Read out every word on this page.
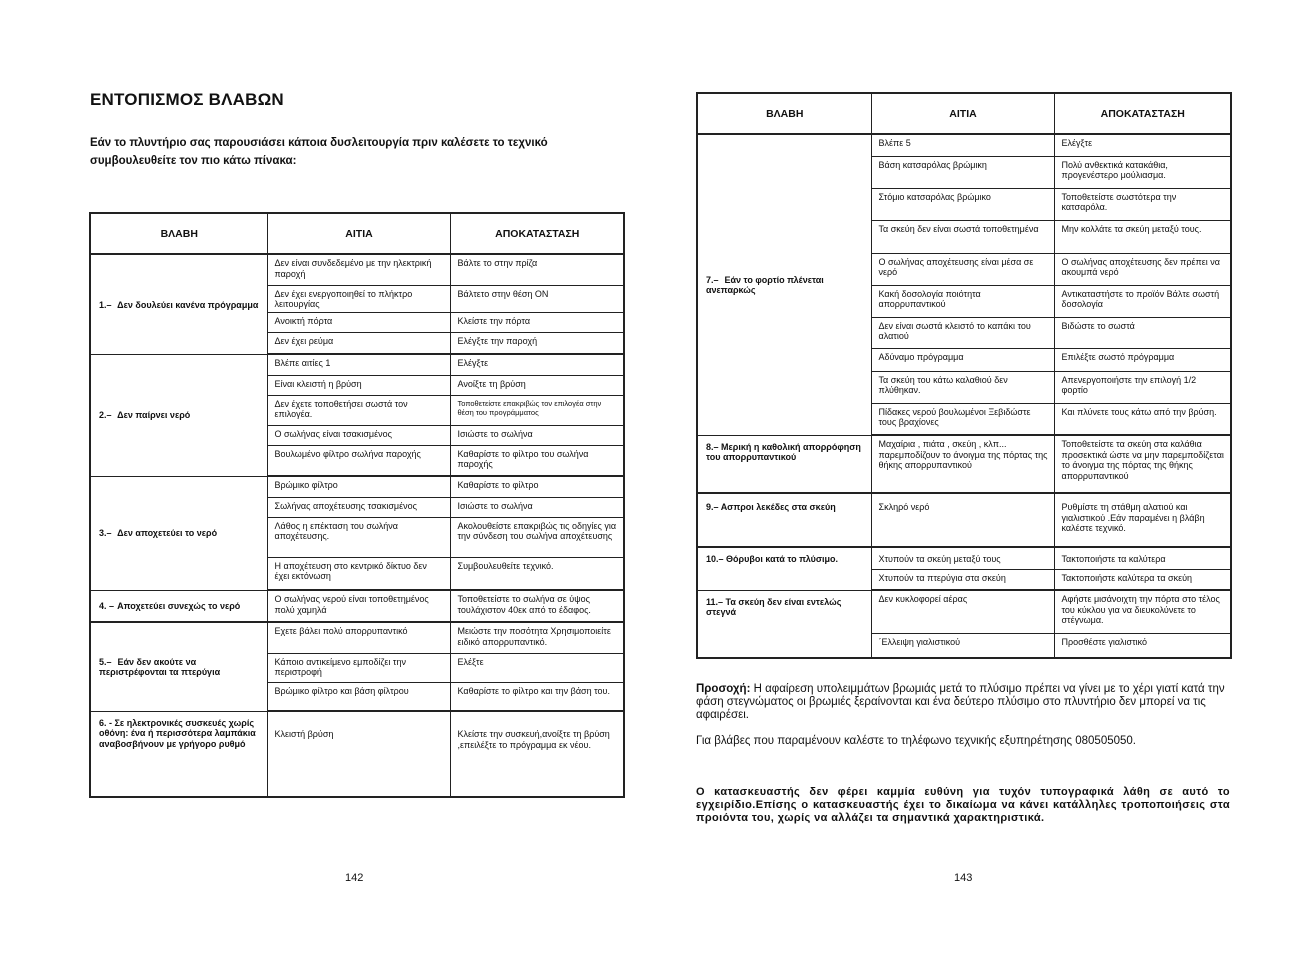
ΕΝΤΟΠΙΣΜΟΣ ΒΛΑΒΩΝ
Εάν το πλυντήριο σας παρουσιάσει κάποια δυσλειτουργία πριν καλέσετε το τεχνικό συμβουλευθείτε τον πιο κάτω πίνακα:
ΒΛΑΒΗ	ΑΙΤΙΑ	ΑΠΟΚΑΤΑΣΤΑΣΗ
1.– Δεν δουλεύει κανένα πρόγραμμα	Δεν είναι συνδεδεμένο με την ηλεκτρική παροχή	Βάλτε το στην πρίζα
	Δεν έχει ενεργοποιηθεί το πλήκτρο λειτουργίας	Βάλτετο στην θέση ON
	Ανοικτή πόρτα	Κλείστε την πόρτα
	Δεν έχει ρεύμα	Ελέγξτε την παροχή
2.– Δεν παίρνει νερό	Βλέπε αιτίες 1	Ελέγξτε
	Είναι κλειστή η βρύση	Ανοίξτε τη βρύση
	Δεν έχετε τοποθετήσει σωστά τον επιλογέα.	Τοποθετείστε επακριβώς τον επιλογέα στην θέση του προγράμματος
	Ο σωλήνας είναι τσακισμένος	Ισιώστε το σωλήνα
	Βουλωμένο φίλτρο σωλήνα παροχής	Καθαρίστε το φίλτρο του σωλήνα παροχής
3.– Δεν αποχετεύει το νερό	Βρώμικο φίλτρο	Καθαρίστε το φίλτρο
	Σωλήνας αποχέτευσης τσακισμένος	Ισιώστε το σωλήνα
	Λάθος η επέκταση του σωλήνα αποχέτευσης.	Ακολουθείστε επακριβώς τις οδηγίες για την σύνδεση του σωλήνα αποχέτευσης
	Η αποχέτευση στο κεντρικό δίκτυο δεν έχει εκτόνωση	Συμβουλευθείτε τεχνικό.
4. – Αποχετεύει συνεχώς το νερό	Ο σωλήνας νερού είναι τοποθετημένος πολύ χαμηλά	Τοποθετείστε το σωλήνα σε ύψος τουλάχιστον 40εκ από το έδαφος.
5.– Εάν δεν ακούτε να περιστρέφονται τα πτερύγια	Εχετε βάλει πολύ απορρυπαντικό	Μειώστε την ποσότητα Χρησιμοποιείτε ειδικό απορρυπαντικό.
	Κάποιο αντικείμενο εμποδίζει την περιστροφή	Ελέξτε
	Βρώμικο φίλτρο και βάση φίλτρου	Καθαρίστε το φίλτρο και την βάση του.
6. - Σε ηλεκτρονικές συσκευές χωρίς οθόνη: ένα ή περισσότερα λαμπάκια αναβοσβήνουν με γρήγορο ρυθμό	Κλειστή βρύση	Κλείστε την συσκευή,ανοίξτε τη βρύση ,επειλέξτε το πρόγραμμα εκ νέου.
142
ΒΛΑΒΗ	ΑΙΤΙΑ	ΑΠΟΚΑΤΑΣΤΑΣΗ
7.– Εάν το φορτίο πλένεται ανεπαρκώς	Βλέπε 5	Ελέγξτε
	Βάση κατσαρόλας βρώμικη	Πολύ ανθεκτικά κατακάθια, προγενέστερο μούλιασμα.
	Στόμιο κατσαρόλας βρώμικο	Τοποθετείστε σωστότερα την κατσαρόλα.
	Τα σκεύη δεν είναι σωστά τοποθετημένα	Μην κολλάτε τα σκεύη μεταξύ τους.
	Ο σωλήνας αποχέτευσης είναι μέσα σε νερό	Ο σωλήνας αποχέτευσης δεν πρέπει να ακουμπά νερό
	Κακή δοσολογία ποιότητα απορρυπαντικού	Αντικαταστήστε το προϊόν Βάλτε σωστή δοσολογία
	Δεν είναι σωστά κλειστό το καπάκι του αλατιού	Βιδώστε το σωστά
	Αδύναμο πρόγραμμα	Επιλέξτε σωστό πρόγραμμα
	Τα σκεύη του κάτω καλαθιού δεν πλύθηκαν.	Απενεργοποιήστε την επιλογή 1/2 φορτίο
	Πίδακες νερού βουλωμένοι Ξεβιδώστε τους βραχίονες	Και πλύνετε τους κάτω από την βρύση.
8.– Μερική η καθολική απορρόφηση του απορρυπαντικού	Μαχαίρια , πιάτα , σκεύη , κλπ... παρεμποδίζουν το άνοιγμα της πόρτας της θήκης απορρυπαντικού	Τοποθετείστε τα σκεύη στα καλάθια προσεκτικά ώστε να μην παρεμποδίζεται το άνοιγμα της πόρτας της θήκης απορρυπαντικού
9.– Ασπροι λεκέδες στα σκεύη	Σκληρό νερό	Ρυθμίστε τη στάθμη αλατιού και γιαλιστικού .Εάν παραμένει η βλάβη καλέστε τεχνικό.
10.– Θόρυβοι κατά το πλύσιμο.	Χτυπούν τα σκεύη μεταξύ τους	Τακτοποιήστε τα καλύτερα
	Χτυπούν τα πτερύγια στα σκεύη	Τακτοποιήστε καλύτερα τα σκεύη
11.– Τα σκεύη δεν είναι εντελώς στεγνά	Δεν κυκλοφορεί αέρας	Αφήστε μισάνοιχτη την πόρτα στο τέλος του κύκλου για να διευκολύνετε το στέγνωμα.
	΄Ελλειψη γιαλιστικού	Προσθέστε γιαλιστικό
Προσοχή: Η αφαίρεση υπολειμμάτων βρωμιάς μετά το πλύσιμο πρέπει να γίνει με το χέρι γιατί κατά την φάση στεγνώματος οι βρωμιές ξεραίνονται και ένα δεύτερο πλύσιμο στο πλυντήριο δεν μπορεί να τις αφαιρέσει.
Για βλάβες που παραμένουν καλέστε το τηλέφωνο τεχνικής εξυπηρέτησης 080505050.
Ο κατασκευαστής δεν φέρει καμμία ευθύνη για τυχόν τυπογραφικά λάθη σε αυτό το εγχειρίδιο.Επίσης ο κατασκευαστής έχει το δικαίωμα να κάνει κατάλληλες τροποποιήσεις στα προιόντα του, χωρίς να αλλάζει τα σημαντικά χαρακτηριστικά.
143
